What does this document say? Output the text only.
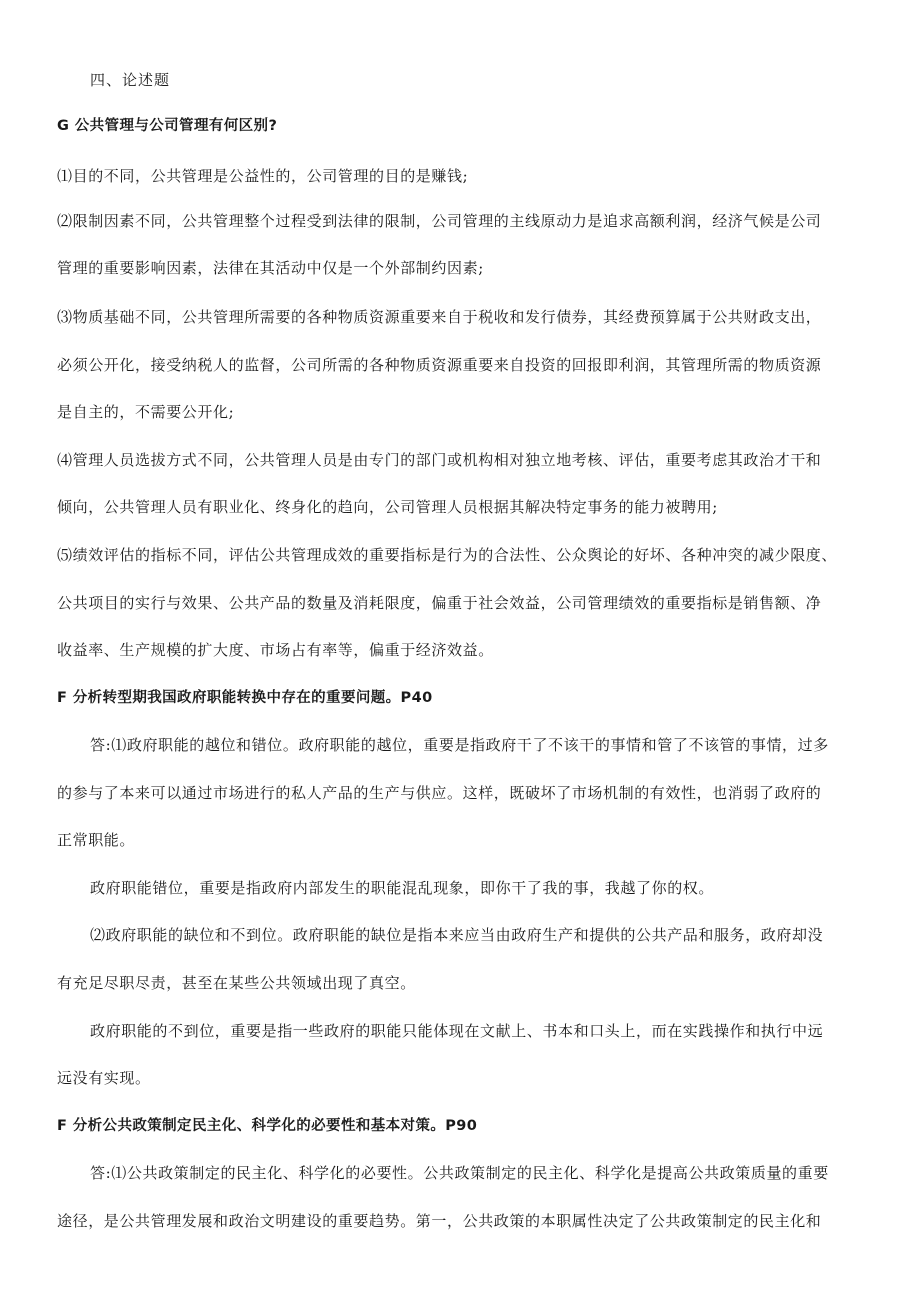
四、论述题
G 公共管理与公司管理有何区别?
⑴目的不同，公共管理是公益性的，公司管理的目的是赚钱;
⑵限制因素不同，公共管理整个过程受到法律的限制，公司管理的主线原动力是追求高额利润，经济气候是公司
管理的重要影响因素，法律在其活动中仅是一个外部制约因素;
⑶物质基础不同，公共管理所需要的各种物质资源重要来自于税收和发行债券，其经费预算属于公共财政支出，
必须公开化，接受纳税人的监督，公司所需的各种物质资源重要来自投资的回报即利润，其管理所需的物质资源
是自主的，不需要公开化;
⑷管理人员选拔方式不同，公共管理人员是由专门的部门或机构相对独立地考核、评估，重要考虑其政治才干和
倾向，公共管理人员有职业化、终身化的趋向，公司管理人员根据其解决特定事务的能力被聘用;
⑸绩效评估的指标不同，评估公共管理成效的重要指标是行为的合法性、公众舆论的好坏、各种冲突的减少限度、
公共项目的实行与效果、公共产品的数量及消耗限度，偏重于社会效益，公司管理绩效的重要指标是销售额、净
收益率、生产规模的扩大度、市场占有率等，偏重于经济效益。
F 分析转型期我国政府职能转换中存在的重要问题。P40
答:⑴政府职能的越位和错位。政府职能的越位，重要是指政府干了不该干的事情和管了不该管的事情，过多
的参与了本来可以通过市场进行的私人产品的生产与供应。这样，既破坏了市场机制的有效性，也消弱了政府的
正常职能。
政府职能错位，重要是指政府内部发生的职能混乱现象，即你干了我的事，我越了你的权。
⑵政府职能的缺位和不到位。政府职能的缺位是指本来应当由政府生产和提供的公共产品和服务，政府却没
有充足尽职尽责，甚至在某些公共领域出现了真空。
政府职能的不到位，重要是指一些政府的职能只能体现在文献上、书本和口头上，而在实践操作和执行中远
远没有实现。
F 分析公共政策制定民主化、科学化的必要性和基本对策。P90
答:⑴公共政策制定的民主化、科学化的必要性。公共政策制定的民主化、科学化是提高公共政策质量的重要
途径，是公共管理发展和政治文明建设的重要趋势。第一，公共政策的本职属性决定了公共政策制定的民主化和
